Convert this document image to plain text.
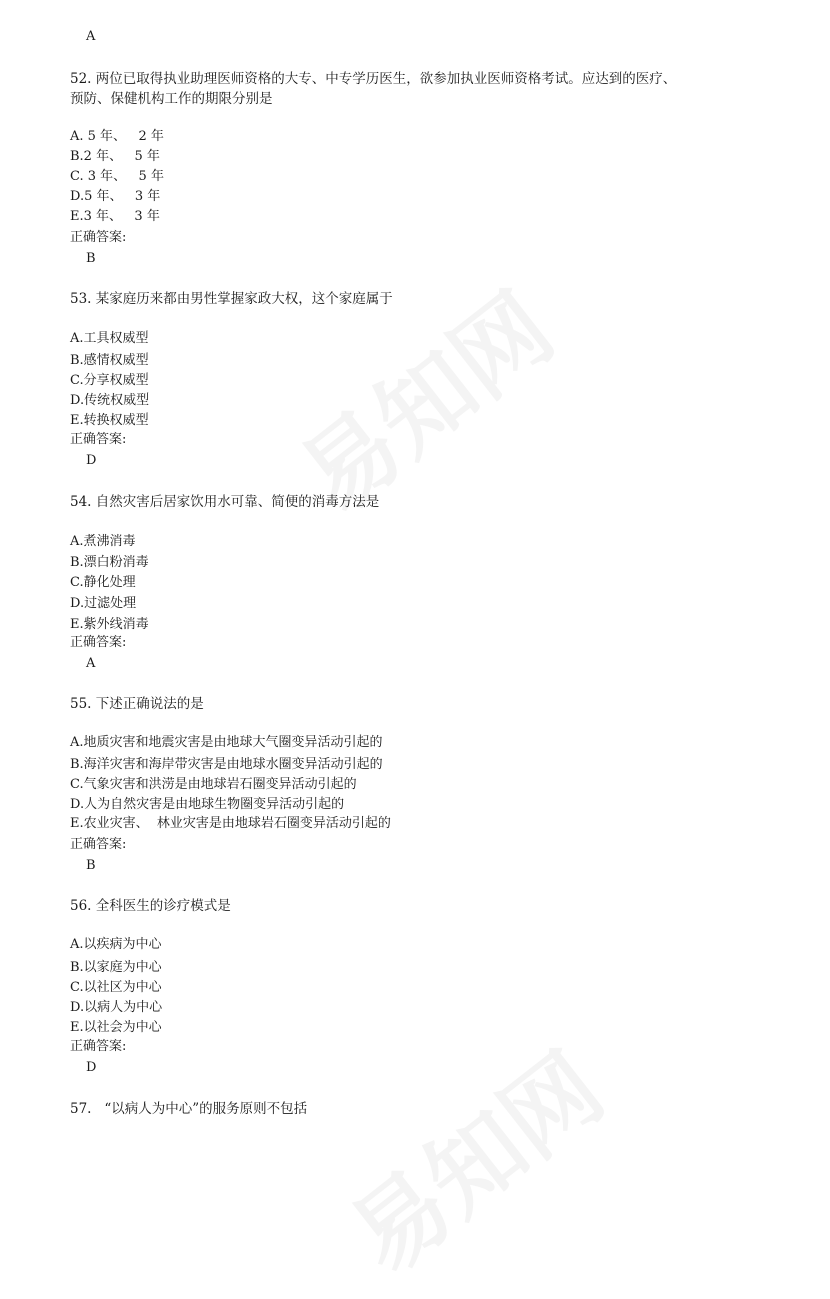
A
52. 两位已取得执业助理医师资格的大专、中专学历医生，欲参加执业医师资格考试。应达到的医疗、
预防、保健机构工作的期限分别是
A. 5 年、   2 年
B.2 年、   5 年
C. 3 年、   5 年
D.5 年、   3 年
E.3 年、   3 年
正确答案:
B
53. 某家庭历来都由男性掌握家政大权，这个家庭属于
A.工具权威型
B.感情权威型
C.分享权威型
D.传统权威型
E.转换权威型
正确答案:
D
54. 自然灾害后居家饮用水可靠、简便的消毒方法是
A.煮沸消毒
B.漂白粉消毒
C.静化处理
D.过滤处理
E.紫外线消毒
正确答案:
A
55. 下述正确说法的是
A.地质灾害和地震灾害是由地球大气圈变异活动引起的
B.海洋灾害和海岸带灾害是由地球水圈变异活动引起的
C.气象灾害和洪涝是由地球岩石圈变异活动引起的
D.人为自然灾害是由地球生物圈变异活动引起的
E.农业灾害、  林业灾害是由地球岩石圈变异活动引起的
正确答案:
B
56. 全科医生的诊疗模式是
A.以疾病为中心
B.以家庭为中心
C.以社区为中心
D.以病人为中心
E.以社会为中心
正确答案:
D
57.   “以病人为中心”的服务原则不包括
